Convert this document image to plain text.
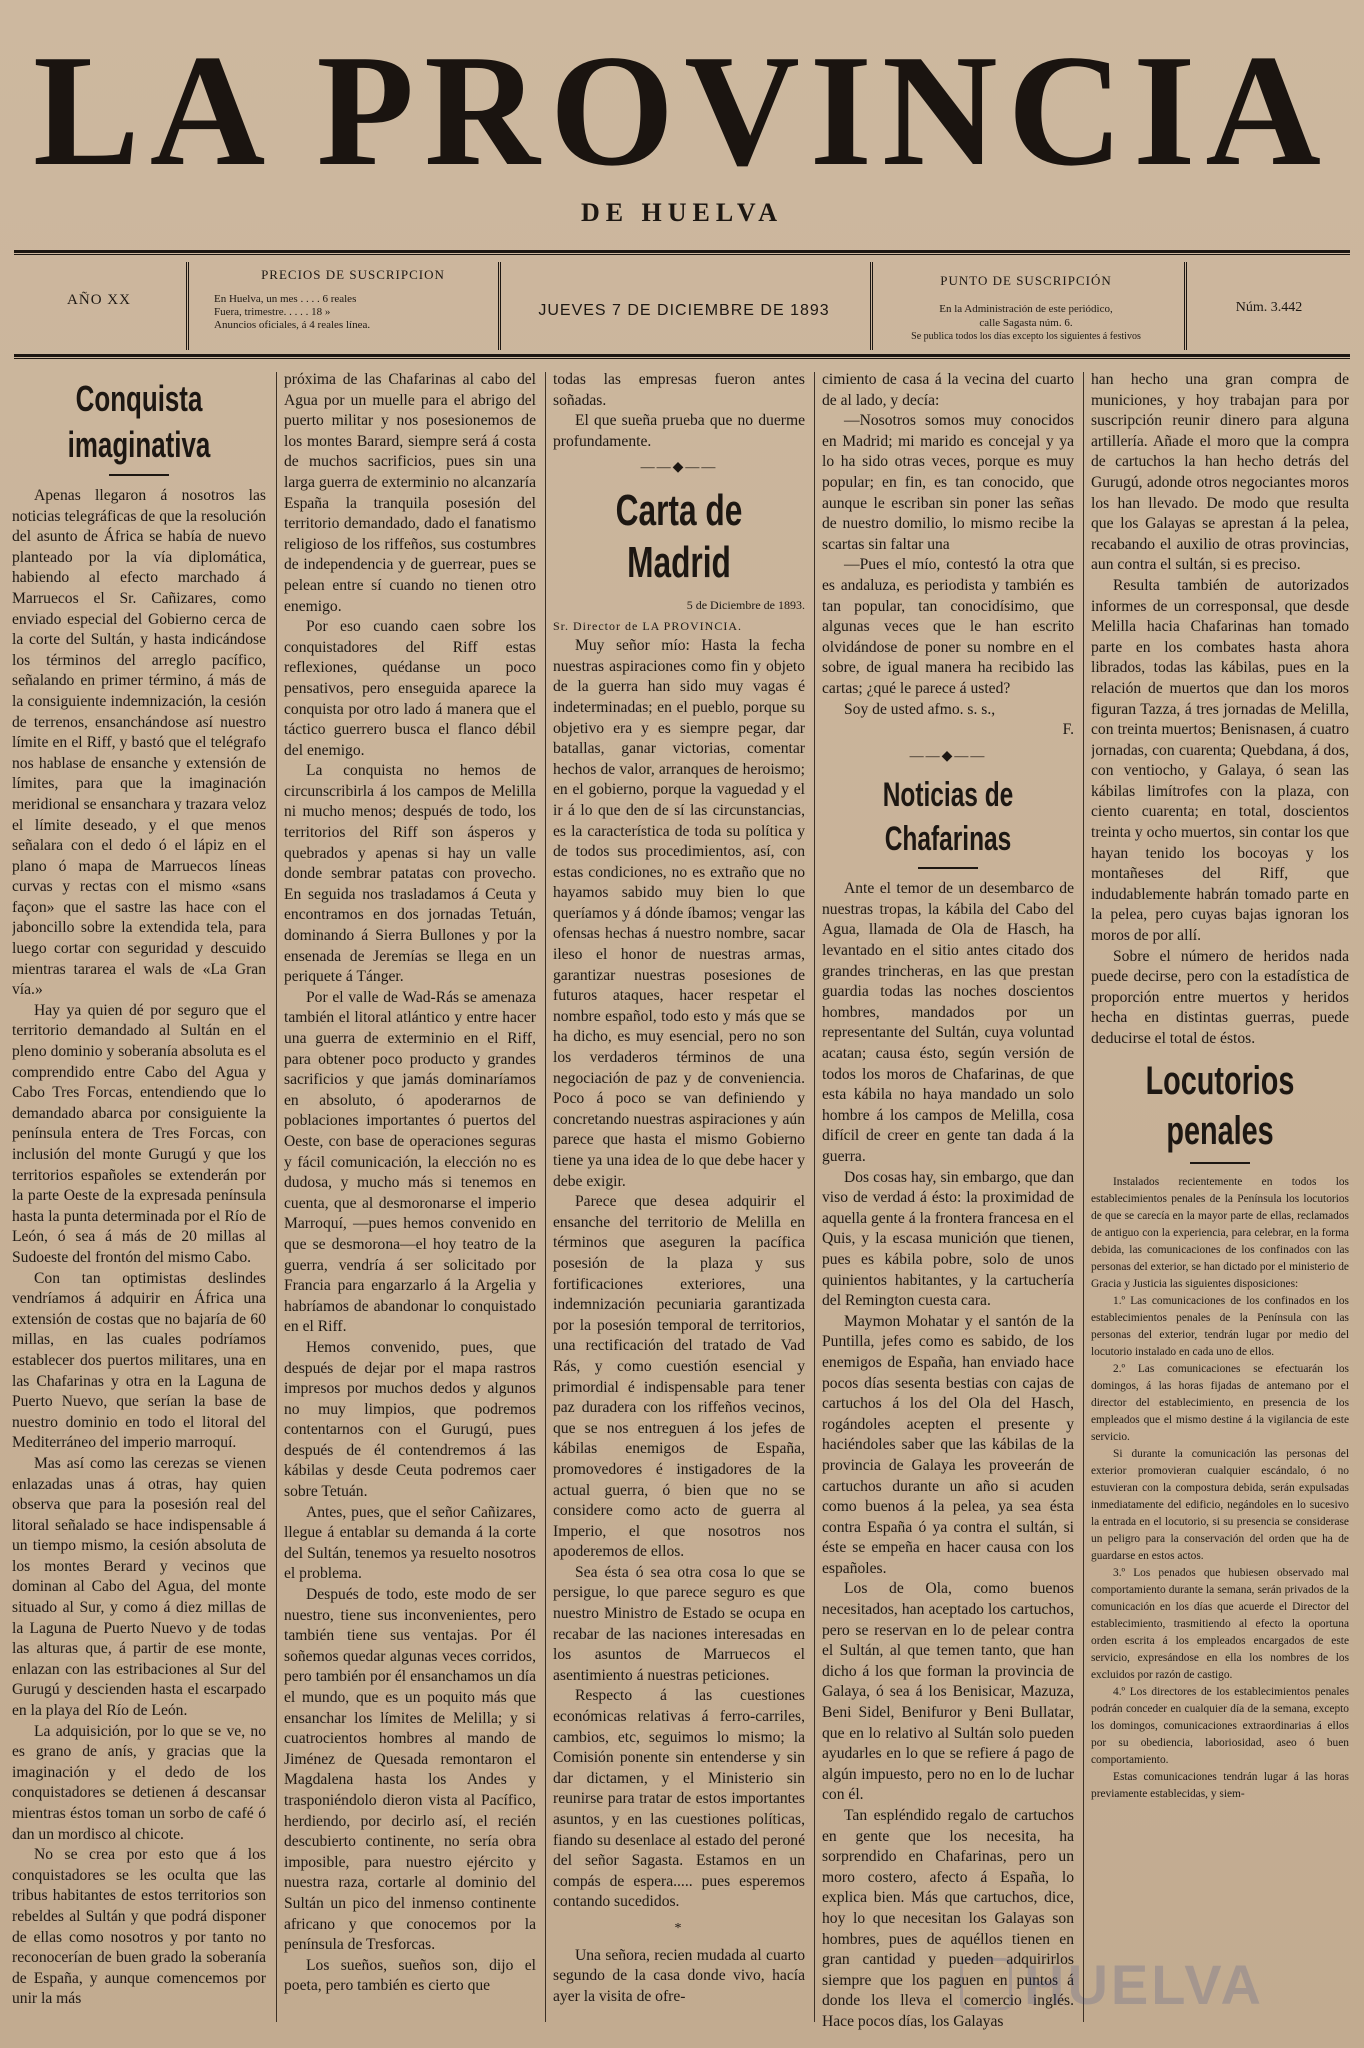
LA PROVINCIA
DE HUELVA
AÑO XX
PRECIOS DE SUSCRIPCION
En Huelva, un mes . . . . 6 reales
Fuera, trimestre. . . . . 18 »
Anuncios oficiales, á 4 reales línea.
JUEVES 7 DE DICIEMBRE DE 1893
PUNTO DE SUSCRIPCIÓN
En la Administración de este periódico,
calle Sagasta núm. 6.
Se publica todos los días excepto los siguientes á festivos
Núm. 3.442
Conquista imaginativa

Apenas llegaron á nosotros las noticias telegráficas de que la resolución del asunto de África se había de nuevo planteado por la vía diplomática, habiendo al efecto marchado á Marruecos el Sr. Cañizares, como enviado especial del Gobierno cerca de la corte del Sultán, y hasta indicándose los términos del arreglo pacífico, señalando en primer término, á más de la consiguiente indemnización, la cesión de terrenos, ensanchándose así nuestro límite en el Riff, y bastó que el telégrafo nos hablase de ensanche y extensión de límites, para que la imaginación meridional se ensanchara y trazara veloz el límite deseado, y el que menos señalara con el dedo ó el lápiz en el plano ó mapa de Marruecos líneas curvas y rectas con el mismo «sans façon» que el sastre las hace con el jaboncillo sobre la extendida tela, para luego cortar con seguridad y descuido mientras tararea el wals de «La Gran vía.»

Hay ya quien dé por seguro que el territorio demandado al Sultán en el pleno dominio y soberanía absoluta es el comprendido entre Cabo del Agua y Cabo Tres Forcas, entendiendo que lo demandado abarca por consiguiente la península entera de Tres Forcas, con inclusión del monte Gurugú y que los territorios españoles se extenderán por la parte Oeste de la expresada península hasta la punta determinada por el Río de León, ó sea á más de 20 millas al Sudoeste del frontón del mismo Cabo.

Con tan optimistas deslindes vendríamos á adquirir en África una extensión de costas que no bajaría de 60 millas, en las cuales podríamos establecer dos puertos militares, una en las Chafarinas y otra en la Laguna de Puerto Nuevo, que serían la base de nuestro dominio en todo el litoral del Mediterráneo del imperio marroquí.

Mas así como las cerezas se vienen enlazadas unas á otras, hay quien observa que para la posesión real del litoral señalado se hace indispensable á un tiempo mismo, la cesión absoluta de los montes Berard y vecinos que dominan al Cabo del Agua, del monte situado al Sur, y como á diez millas de la Laguna de Puerto Nuevo y de todas las alturas que, á partir de ese monte, enlazan con las estribaciones al Sur del Gurugú y descienden hasta el escarpado en la playa del Río de León.

La adquisición, por lo que se ve, no es grano de anís, y gracias que la imaginación y el dedo de los conquistadores se detienen á descansar mientras éstos toman un sorbo de café ó dan un mordisco al chicote.

No se crea por esto que á los conquistadores se les oculta que las tribus habitantes de estos territorios son rebeldes al Sultán y que podrá disponer de ellas como nosotros y por tanto no reconocerían de buen grado la soberanía de España, y aunque comencemos por unir la más

próxima de las Chafarinas al cabo del Agua por un muelle para el abrigo del puerto militar y nos posesionemos de los montes Barard, siempre será á costa de muchos sacrificios, pues sin una larga guerra de exterminio no alcanzaría España la tranquila posesión del territorio demandado, dado el fanatismo religioso de los riffeños, sus costumbres de independencia y de guerrear, pues se pelean entre sí cuando no tienen otro enemigo.

Por eso cuando caen sobre los conquistadores del Riff estas reflexiones, quédanse un poco pensativos, pero enseguida aparece la conquista por otro lado á manera que el táctico guerrero busca el flanco débil del enemigo.

La conquista no hemos de circunscribirla á los campos de Melilla ni mucho menos; después de todo, los territorios del Riff son ásperos y quebrados y apenas si hay un valle donde sembrar patatas con provecho. En seguida nos trasladamos á Ceuta y encontramos en dos jornadas Tetuán, dominando á Sierra Bullones y por la ensenada de Jeremías se llega en un periquete á Tánger.

Por el valle de Wad-Rás se amenaza también el litoral atlántico y entre hacer una guerra de exterminio en el Riff, para obtener poco producto y grandes sacrificios y que jamás dominaríamos en absoluto, ó apoderarnos de poblaciones importantes ó puertos del Oeste, con base de operaciones seguras y fácil comunicación, la elección no es dudosa, y mucho más si tenemos en cuenta, que al desmoronarse el imperio Marroquí, —pues hemos convenido en que se desmorona—el hoy teatro de la guerra, vendría á ser solicitado por Francia para engarzarlo á la Argelia y habríamos de abandonar lo conquistado en el Riff.

Hemos convenido, pues, que después de dejar por el mapa rastros impresos por muchos dedos y algunos no muy limpios, que podremos contentarnos con el Gurugú, pues después de él contendremos á las kábilas y desde Ceuta podremos caer sobre Tetuán.

Antes, pues, que el señor Cañizares, llegue á entablar su demanda á la corte del Sultán, tenemos ya resuelto nosotros el problema.

Después de todo, este modo de ser nuestro, tiene sus inconvenientes, pero también tiene sus ventajas. Por él soñemos quedar algunas veces corridos, pero también por él ensanchamos un día el mundo, que es un poquito más que ensanchar los límites de Melilla; y si cuatrocientos hombres al mando de Jiménez de Quesada remontaron el Magdalena hasta los Andes y trasponiéndolo dieron vista al Pacífico, herdiendo, por decirlo así, el recién descubierto continente, no sería obra imposible, para nuestro ejército y nuestra raza, cortarle al dominio del Sultán un pico del inmenso continente africano y que conocemos por la península de Tresforcas.

Los sueños, sueños son, dijo el poeta, pero también es cierto que

todas las empresas fueron antes soñadas.

El que sueña prueba que no duerme profundamente.

――◆――
Carta de Madrid
5 de Diciembre de 1893.

Sr. Director de LA PROVINCIA.

Muy señor mío: Hasta la fecha nuestras aspiraciones como fin y objeto de la guerra han sido muy vagas é indeterminadas; en el pueblo, porque su objetivo era y es siempre pegar, dar batallas, ganar victorias, comentar hechos de valor, arranques de heroismo; en el gobierno, porque la vaguedad y el ir á lo que den de sí las circunstancias, es la característica de toda su política y de todos sus procedimientos, así, con estas condiciones, no es extraño que no hayamos sabido muy bien lo que queríamos y á dónde íbamos; vengar las ofensas hechas á nuestro nombre, sacar ileso el honor de nuestras armas, garantizar nuestras posesiones de futuros ataques, hacer respetar el nombre español, todo esto y más que se ha dicho, es muy esencial, pero no son los verdaderos términos de una negociación de paz y de conveniencia. Poco á poco se van definiendo y concretando nuestras aspiraciones y aún parece que hasta el mismo Gobierno tiene ya una idea de lo que debe hacer y debe exigir.

Parece que desea adquirir el ensanche del territorio de Melilla en términos que aseguren la pacífica posesión de la plaza y sus fortificaciones exteriores, una indemnización pecuniaria garantizada por la posesión temporal de territorios, una rectificación del tratado de Vad Rás, y como cuestión esencial y primordial é indispensable para tener paz duradera con los riffeños vecinos, que se nos entreguen á los jefes de kábilas enemigos de España, promovedores é instigadores de la actual guerra, ó bien que no se considere como acto de guerra al Imperio, el que nosotros nos apoderemos de ellos.

Sea ésta ó sea otra cosa lo que se persigue, lo que parece seguro es que nuestro Ministro de Estado se ocupa en recabar de las naciones interesadas en los asuntos de Marruecos el asentimiento á nuestras peticiones.

Respecto á las cuestiones económicas relativas á ferro-carriles, cambios, etc, seguimos lo mismo; la Comisión ponente sin entenderse y sin dar dictamen, y el Ministerio sin reunirse para tratar de estos importantes asuntos, y en las cuestiones políticas, fiando su desenlace al estado del peroné del señor Sagasta. Estamos en un compás de espera..... pues esperemos contando sucedidos.

*

Una señora, recien mudada al cuarto segundo de la casa donde vivo, hacía ayer la visita de ofre-

cimiento de casa á la vecina del cuarto de al lado, y decía:

—Nosotros somos muy conocidos en Madrid; mi marido es concejal y ya lo ha sido otras veces, porque es muy popular; en fin, es tan conocido, que aunque le escriban sin poner las señas de nuestro domilio, lo mismo recibe la scartas sin faltar una

—Pues el mío, contestó la otra que es andaluza, es periodista y también es tan popular, tan conocidísimo, que algunas veces que le han escrito olvidándose de poner su nombre en el sobre, de igual manera ha recibido las cartas; ¿qué le parece á usted?

Soy de usted afmo. s. s.,

F.
――◆――
Noticias de Chafarinas

Ante el temor de un desembarco de nuestras tropas, la kábila del Cabo del Agua, llamada de Ola de Hasch, ha levantado en el sitio antes citado dos grandes trincheras, en las que prestan guardia todas las noches doscientos hombres, mandados por un representante del Sultán, cuya voluntad acatan; causa ésto, según versión de todos los moros de Chafarinas, de que esta kábila no haya mandado un solo hombre á los campos de Melilla, cosa difícil de creer en gente tan dada á la guerra.

Dos cosas hay, sin embargo, que dan viso de verdad á ésto: la proximidad de aquella gente á la frontera francesa en el Quis, y la escasa munición que tienen, pues es kábila pobre, solo de unos quinientos habitantes, y la cartuchería del Remington cuesta cara.

Maymon Mohatar y el santón de la Puntilla, jefes como es sabido, de los enemigos de España, han enviado hace pocos días sesenta bestias con cajas de cartuchos á los del Ola del Hasch, rogándoles acepten el presente y haciéndoles saber que las kábilas de la provincia de Galaya les proveerán de cartuchos durante un año si acuden como buenos á la pelea, ya sea ésta contra España ó ya contra el sultán, si éste se empeña en hacer causa con los españoles.

Los de Ola, como buenos necesitados, han aceptado los cartuchos, pero se reservan en lo de pelear contra el Sultán, al que temen tanto, que han dicho á los que forman la provincia de Galaya, ó sea á los Benisicar, Mazuza, Beni Sidel, Benifuror y Beni Bullatar, que en lo relativo al Sultán solo pueden ayudarles en lo que se refiere á pago de algún impuesto, pero no en lo de luchar con él.

Tan espléndido regalo de cartuchos en gente que los necesita, ha sorprendido en Chafarinas, pero un moro costero, afecto á España, lo explica bien. Más que cartuchos, dice, hoy lo que necesitan los Galayas son hombres, pues de aquéllos tienen en gran cantidad y pueden adquirirlos siempre que los paguen en puntos á donde los lleva el comercio inglés. Hace pocos días, los Galayas

han hecho una gran compra de municiones, y hoy trabajan para por suscripción reunir dinero para alguna artillería. Añade el moro que la compra de cartuchos la han hecho detrás del Gurugú, adonde otros negociantes moros los han llevado. De modo que resulta que los Galayas se aprestan á la pelea, recabando el auxilio de otras provincias, aun contra el sultán, si es preciso.

Resulta también de autorizados informes de un corresponsal, que desde Melilla hacia Chafarinas han tomado parte en los combates hasta ahora librados, todas las kábilas, pues en la relación de muertos que dan los moros figuran Tazza, á tres jornadas de Melilla, con treinta muertos; Benisnasen, á cuatro jornadas, con cuarenta; Quebdana, á dos, con ventiocho, y Galaya, ó sean las kábilas limítrofes con la plaza, con ciento cuarenta; en total, doscientos treinta y ocho muertos, sin contar los que hayan tenido los bocoyas y los montañeses del Riff, que indudablemente habrán tomado parte en la pelea, pero cuyas bajas ignoran los moros de por allí.

Sobre el número de heridos nada puede decirse, pero con la estadística de proporción entre muertos y heridos hecha en distintas guerras, puede deducirse el total de éstos.

Locutorios penales

Instalados recientemente en todos los establecimientos penales de la Península los locutorios de que se carecía en la mayor parte de ellas, reclamados de antiguo con la experiencia, para celebrar, en la forma debida, las comunicaciones de los confinados con las personas del exterior, se han dictado por el ministerio de Gracia y Justicia las siguientes disposiciones:

1.º Las comunicaciones de los confinados en los establecimientos penales de la Península con las personas del exterior, tendrán lugar por medio del locutorio instalado en cada uno de ellos.

2.º Las comunicaciones se efectuarán los domingos, á las horas fijadas de antemano por el director del establecimiento, en presencia de los empleados que el mismo destine á la vigilancia de este servicio.

Si durante la comunicación las personas del exterior promovieran cualquier escándalo, ó no estuvieran con la compostura debida, serán expulsadas inmediatamente del edificio, negándoles en lo sucesivo la entrada en el locutorio, si su presencia se considerase un peligro para la conservación del orden que ha de guardarse en estos actos.

3.º Los penados que hubiesen observado mal comportamiento durante la semana, serán privados de la comunicación en los días que acuerde el Director del establecimiento, trasmitiendo al efecto la oportuna orden escrita á los empleados encargados de este servicio, expresándose en ella los nombres de los excluidos por razón de castigo.

4.º Los directores de los establecimientos penales podrán conceder en cualquier día de la semana, excepto los domingos, comunicaciones extraordinarias á ellos por su obediencia, laboriosidad, aseo ó buen comportamiento.

Estas comunicaciones tendrán lugar á las horas previamente establecidas, y siem-

HUELVA
